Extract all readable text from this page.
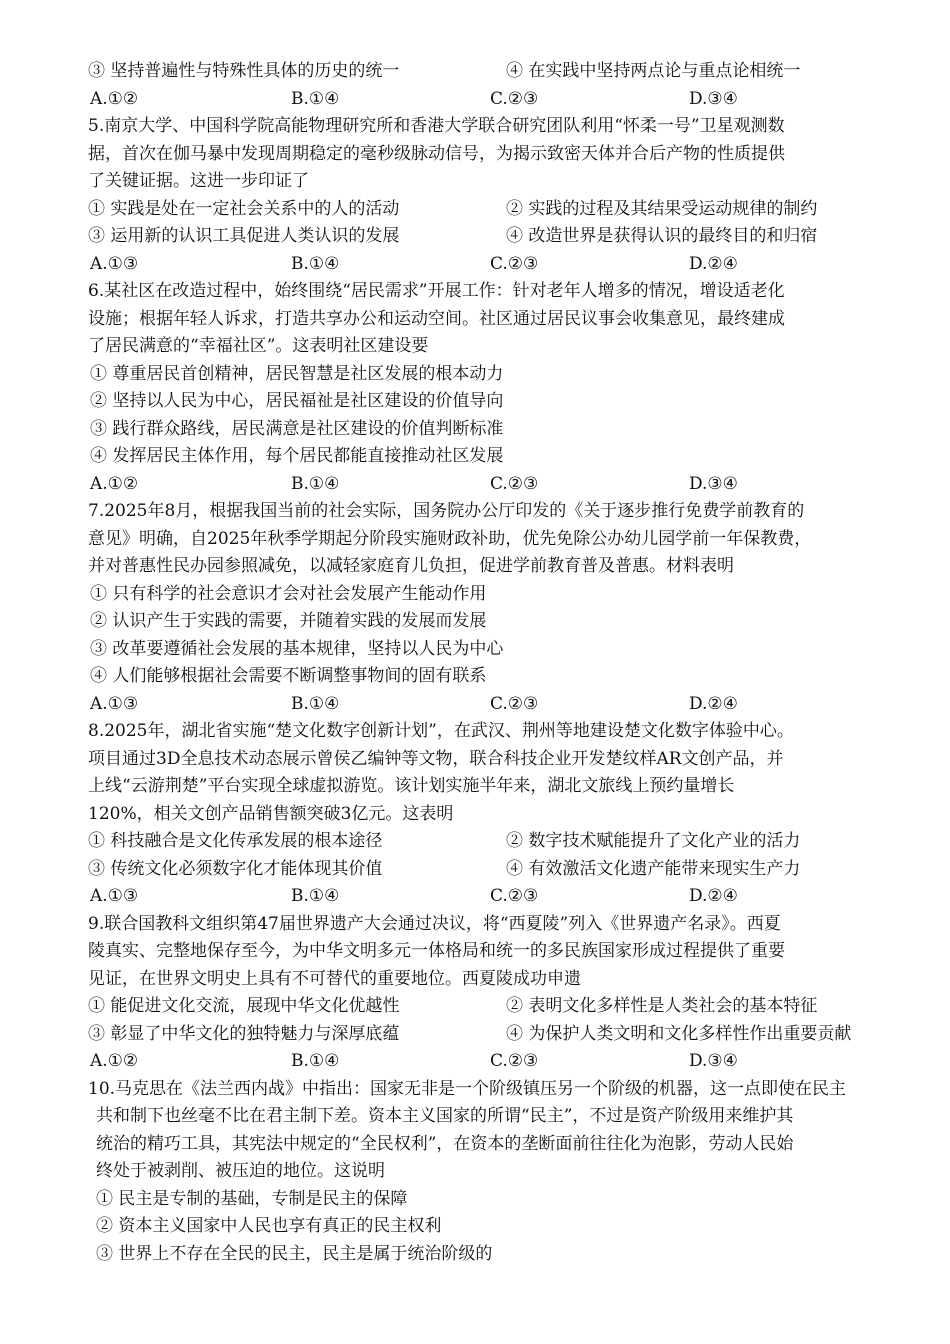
③ 坚持普遍性与特殊性具体的历史的统一	④ 在实践中坚持两点论与重点论相统一
A.①②	B.①④	C.②③	D.③④
5.南京大学、中国科学院高能物理研究所和香港大学联合研究团队利用“怀柔一号”卫星观测数
据，首次在伽马暴中发现周期稳定的毫秒级脉动信号，为揭示致密天体并合后产物的性质提供
了关键证据。这进一步印证了
① 实践是处在一定社会关系中的人的活动	② 实践的过程及其结果受运动规律的制约
③ 运用新的认识工具促进人类认识的发展	④ 改造世界是获得认识的最终目的和归宿
A.①③	B.①④	C.②③	D.②④
6.某社区在改造过程中，始终围绕“居民需求”开展工作：针对老年人增多的情况，增设适老化
设施；根据年轻人诉求，打造共享办公和运动空间。社区通过居民议事会收集意见，最终建成
了居民满意的“幸福社区”。这表明社区建设要
① 尊重居民首创精神，居民智慧是社区发展的根本动力
② 坚持以人民为中心，居民福祉是社区建设的价值导向
③ 践行群众路线，居民满意是社区建设的价值判断标准
④ 发挥居民主体作用，每个居民都能直接推动社区发展
A.①②	B.①④	C.②③	D.③④
7.2025年8月，根据我国当前的社会实际，国务院办公厅印发的《关于逐步推行免费学前教育的
意见》明确，自2025年秋季学期起分阶段实施财政补助，优先免除公办幼儿园学前一年保教费，
并对普惠性民办园参照减免，以减轻家庭育儿负担，促进学前教育普及普惠。材料表明
① 只有科学的社会意识才会对社会发展产生能动作用
② 认识产生于实践的需要，并随着实践的发展而发展
③ 改革要遵循社会发展的基本规律，坚持以人民为中心
④ 人们能够根据社会需要不断调整事物间的固有联系
A.①③	B.①④	C.②③	D.②④
8.2025年，湖北省实施“楚文化数字创新计划”，在武汉、荆州等地建设楚文化数字体验中心。
项目通过3D全息技术动态展示曾侯乙编钟等文物，联合科技企业开发楚纹样AR文创产品，并
上线“云游荆楚”平台实现全球虚拟游览。该计划实施半年来，湖北文旅线上预约量增长
120%，相关文创产品销售额突破3亿元。这表明
① 科技融合是文化传承发展的根本途径	② 数字技术赋能提升了文化产业的活力
③ 传统文化必须数字化才能体现其价值	④ 有效激活文化遗产能带来现实生产力
A.①③	B.①④	C.②③	D.②④
9.联合国教科文组织第47届世界遗产大会通过决议，将“西夏陵”列入《世界遗产名录》。西夏
陵真实、完整地保存至今，为中华文明多元一体格局和统一的多民族国家形成过程提供了重要
见证，在世界文明史上具有不可替代的重要地位。西夏陵成功申遗
① 能促进文化交流，展现中华文化优越性	② 表明文化多样性是人类社会的基本特征
③ 彰显了中华文化的独特魅力与深厚底蕴	④ 为保护人类文明和文化多样性作出重要贡献
A.①②	B.①④	C.②③	D.③④
10.马克思在《法兰西内战》中指出：国家无非是一个阶级镇压另一个阶级的机器，这一点即使在民主
共和制下也丝毫不比在君主制下差。资本主义国家的所谓“民主”，不过是资产阶级用来维护其
统治的精巧工具，其宪法中规定的“全民权利”，在资本的垄断面前往往化为泡影，劳动人民始
终处于被剥削、被压迫的地位。这说明
① 民主是专制的基础，专制是民主的保障
② 资本主义国家中人民也享有真正的民主权利
③ 世界上不存在全民的民主，民主是属于统治阶级的
